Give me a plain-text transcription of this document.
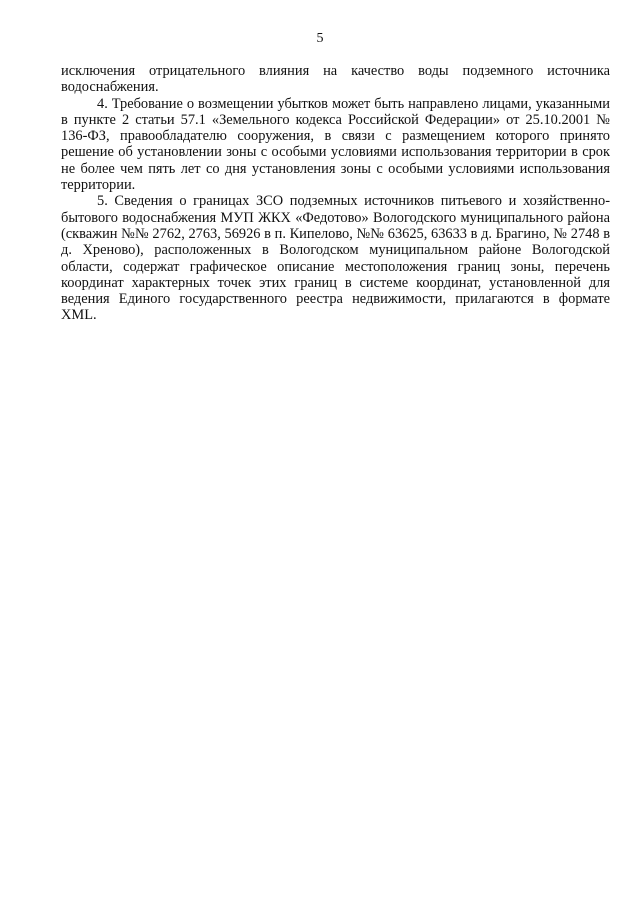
5

исключения отрицательного влияния на качество воды подземного источника водоснабжения.

4. Требование о возмещении убытков может быть направлено лицами, указанными в пункте 2 статьи 57.1 «Земельного кодекса Российской Федерации» от 25.10.2001 № 136-ФЗ, правообладателю сооружения, в связи с размещением которого принято решение об установлении зоны с особыми условиями использования территории в срок не более чем пять лет со дня установления зоны с особыми условиями использования территории.

5. Сведения о границах ЗСО подземных источников питьевого и хозяйственно-бытового водоснабжения МУП ЖКХ «Федотово» Вологодского муниципального района (скважин №№ 2762, 2763, 56926 в п. Кипелово, №№ 63625, 63633 в д. Брагино, № 2748 в д. Хреново), расположенных в Вологодском муниципальном районе Вологодской области, содержат графическое описание местоположения границ зоны, перечень координат характерных точек этих границ в системе координат, установленной для ведения Единого государственного реестра недвижимости, прилагаются в формате XML.
